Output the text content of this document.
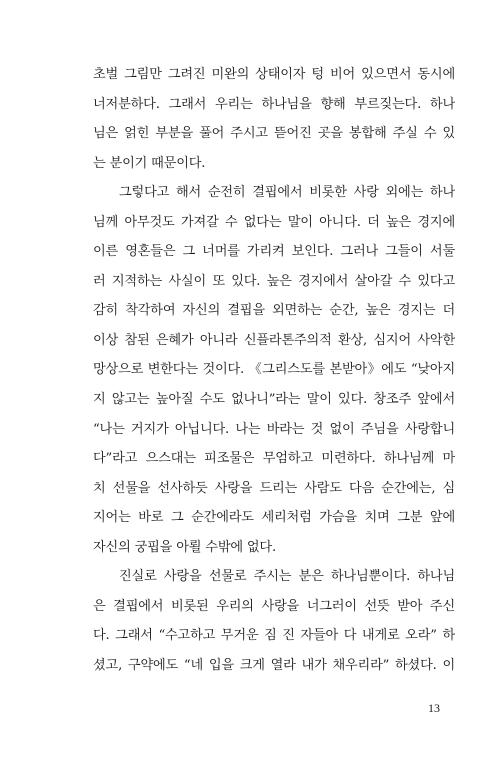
초벌 그림만 그려진 미완의 상태이자 텅 비어 있으면서 동시에
너저분하다. 그래서 우리는 하나님을 향해 부르짖는다. 하나
님은 얽힌 부분을 풀어 주시고 뜯어진 곳을 봉합해 주실 수 있
는 분이기 때문이다.
그렇다고 해서 순전히 결핍에서 비롯한 사랑 외에는 하나
님께 아무것도 가져갈 수 없다는 말이 아니다. 더 높은 경지에
이른 영혼들은 그 너머를 가리켜 보인다. 그러나 그들이 서둘
러 지적하는 사실이 또 있다. 높은 경지에서 살아갈 수 있다고
감히 착각하여 자신의 결핍을 외면하는 순간, 높은 경지는 더
이상 참된 은혜가 아니라 신플라톤주의적 환상, 심지어 사악한
망상으로 변한다는 것이다. 《그리스도를 본받아》에도 “낮아지
지 않고는 높아질 수도 없나니”라는 말이 있다. 창조주 앞에서
“나는 거지가 아닙니다. 나는 바라는 것 없이 주님을 사랑합니
다”라고 으스대는 피조물은 무엄하고 미련하다. 하나님께 마
치 선물을 선사하듯 사랑을 드리는 사람도 다음 순간에는, 심
지어는 바로 그 순간에라도 세리처럼 가슴을 치며 그분 앞에
자신의 궁핍을 아뢸 수밖에 없다.
진실로 사랑을 선물로 주시는 분은 하나님뿐이다. 하나님
은 결핍에서 비롯된 우리의 사랑을 너그러이 선뜻 받아 주신
다. 그래서 “수고하고 무거운 짐 진 자들아 다 내게로 오라” 하
셨고, 구약에도 “네 입을 크게 열라 내가 채우리라” 하셨다. 이
13
